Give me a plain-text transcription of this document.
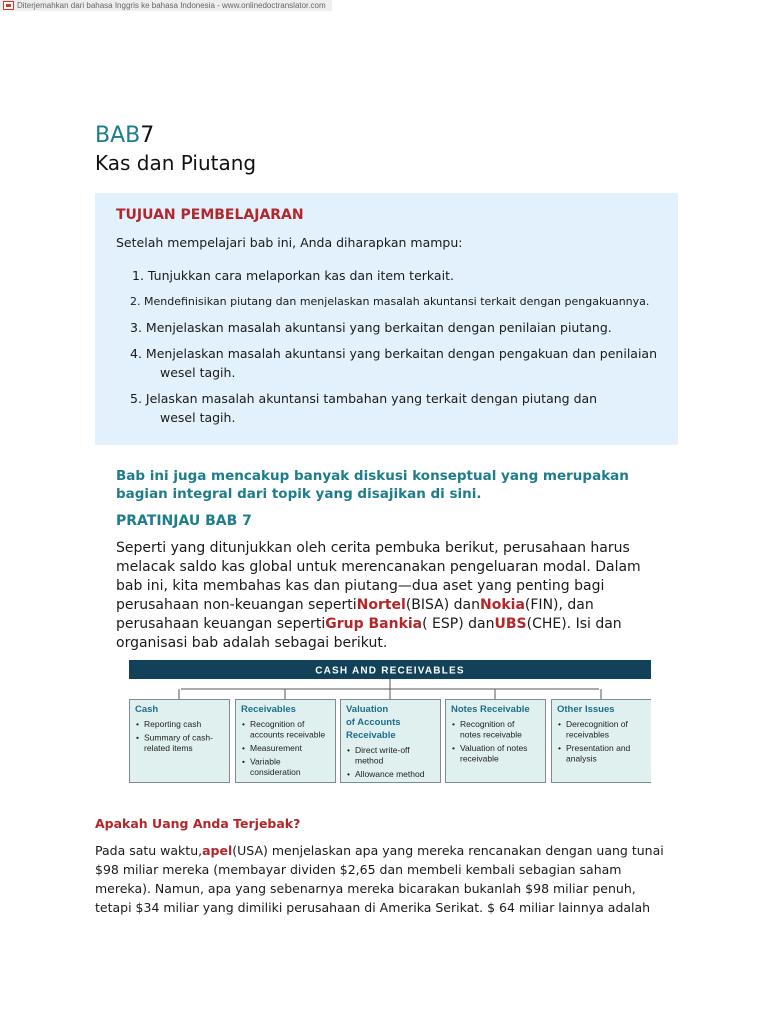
Diterjemahkan dari bahasa Inggris ke bahasa Indonesia - www.onlinedoctranslator.com
BAB7
Kas dan Piutang
TUJUAN PEMBELAJARAN
Setelah mempelajari bab ini, Anda diharapkan mampu:
1. Tunjukkan cara melaporkan kas dan item terkait.
2. Mendefinisikan piutang dan menjelaskan masalah akuntansi terkait dengan pengakuannya.
3. Menjelaskan masalah akuntansi yang berkaitan dengan penilaian piutang.
4. Menjelaskan masalah akuntansi yang berkaitan dengan pengakuan dan penilaian
wesel tagih.
5. Jelaskan masalah akuntansi tambahan yang terkait dengan piutang dan
wesel tagih.
Bab ini juga mencakup banyak diskusi konseptual yang merupakan bagian integral dari topik yang disajikan di sini.
PRATINJAU BAB 7
Seperti yang ditunjukkan oleh cerita pembuka berikut, perusahaan harus melacak saldo kas global untuk merencanakan pengeluaran modal. Dalam bab ini, kita membahas kas dan piutang—dua aset yang penting bagi perusahaan non-keuangan sepertiNortel(BISA) danNokia(FIN), dan perusahaan keuangan sepertiGrup Bankia( ESP) danUBS(CHE). Isi dan organisasi bab adalah sebagai berikut.
CASH AND RECEIVABLES
Cash
• Reporting cash
• Summary of cash-
related items
Receivables
• Recognition of
accounts receivable
• Measurement
• Variable
consideration
Valuation
of Accounts
Receivable
• Direct write-off
method
• Allowance method
Notes Receivable
• Recognition of
notes receivable
• Valuation of notes
receivable
Other Issues
• Derecognition of
receivables
• Presentation and
analysis
Apakah Uang Anda Terjebak?
Pada satu waktu,apel(USA) menjelaskan apa yang mereka rencanakan dengan uang tunai $98 miliar mereka (membayar dividen $2,65 dan membeli kembali sebagian saham mereka). Namun, apa yang sebenarnya mereka bicarakan bukanlah $98 miliar penuh, tetapi $34 miliar yang dimiliki perusahaan di Amerika Serikat. $ 64 miliar lainnya adalah
